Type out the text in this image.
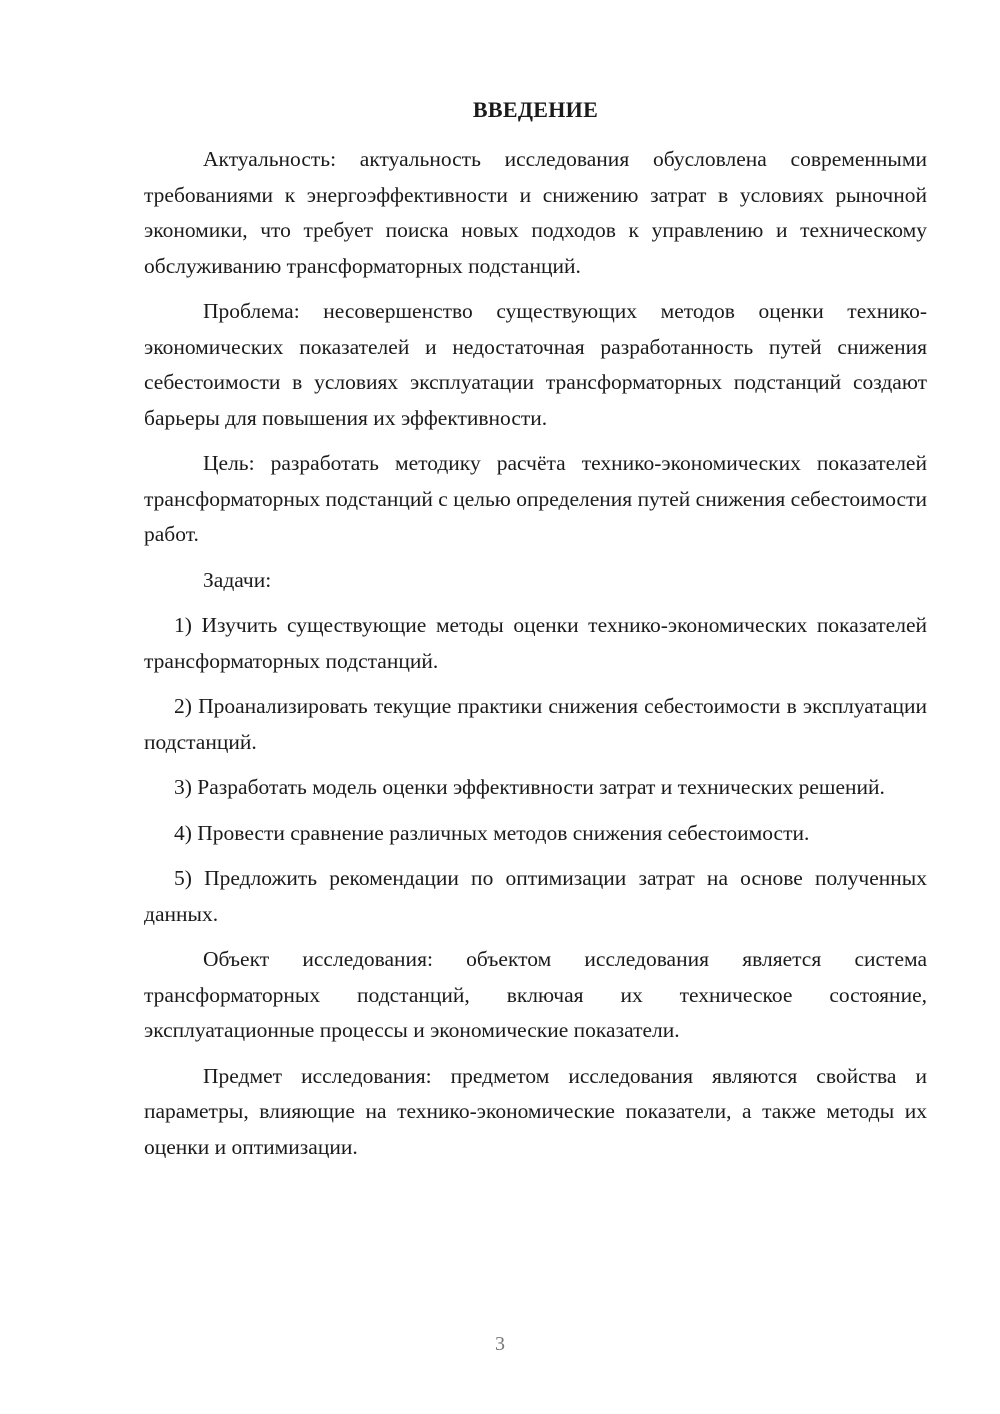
ВВЕДЕНИЕ

Актуальность: актуальность исследования обусловлена современными требованиями к энергоэффективности и снижению затрат в условиях рыночной экономики, что требует поиска новых подходов к управлению и техническому обслуживанию трансформаторных подстанций.

Проблема: несовершенство существующих методов оценки технико-экономических показателей и недостаточная разработанность путей снижения себестоимости в условиях эксплуатации трансформаторных подстанций создают барьеры для повышения их эффективности.

Цель: разработать методику расчёта технико-экономических показателей трансформаторных подстанций с целью определения путей снижения себестоимости работ.

Задачи:

1) Изучить существующие методы оценки технико-экономических показателей трансформаторных подстанций.

2) Проанализировать текущие практики снижения себестоимости в эксплуатации подстанций.

3) Разработать модель оценки эффективности затрат и технических решений.

4) Провести сравнение различных методов снижения себестоимости.

5) Предложить рекомендации по оптимизации затрат на основе полученных данных.

Объект исследования: объектом исследования является система трансформаторных подстанций, включая их техническое состояние, эксплуатационные процессы и экономические показатели.

Предмет исследования: предметом исследования являются свойства и параметры, влияющие на технико-экономические показатели, а также методы их оценки и оптимизации.

3
